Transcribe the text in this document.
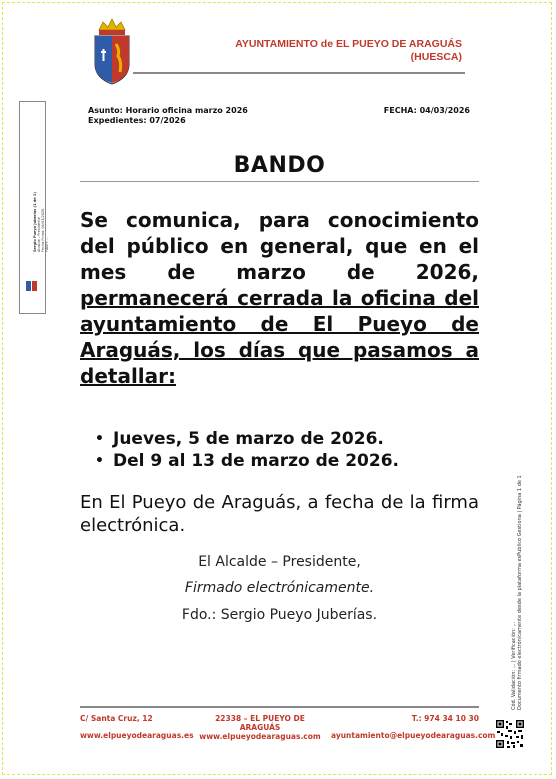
AYUNTAMIENTO de EL PUEYO DE ARAGUÁS
(HUESCA)
Sergio Pueyo Juberías (1 de 1) Alcalde - Presidente Fecha Firma: 04/03/2026 HASH: ...
Asunto: Horario oficina marzo 2026
Expedientes: 07/2026
FECHA: 04/03/2026
BANDO
Se comunica, para conocimiento del público en general, que en el mes de marzo de 2026, permanecerá cerrada la oficina del ayuntamiento de El Pueyo de Araguás, los días que pasamos a detallar:
• Jueves, 5 de marzo de 2026.
• Del 9 al 13 de marzo de 2026.
En El Pueyo de Araguás, a fecha de la firma electrónica.
El Alcalde – Presidente,
Firmado electrónicamente.
Fdo.: Sergio Pueyo Juberías.
Cód. Validación: ... | Verificación: ... Documento firmado electrónicamente desde la plataforma esPublico Gestiona | Página 1 de 1
C/ Santa Cruz, 12
www.elpueyodearaguas.es
22338 – EL PUEYO DE ARAGUÁS
www.elpueyodearaguas.com
T.: 974 34 10 30
ayuntamiento@elpueyodearaguas.com
